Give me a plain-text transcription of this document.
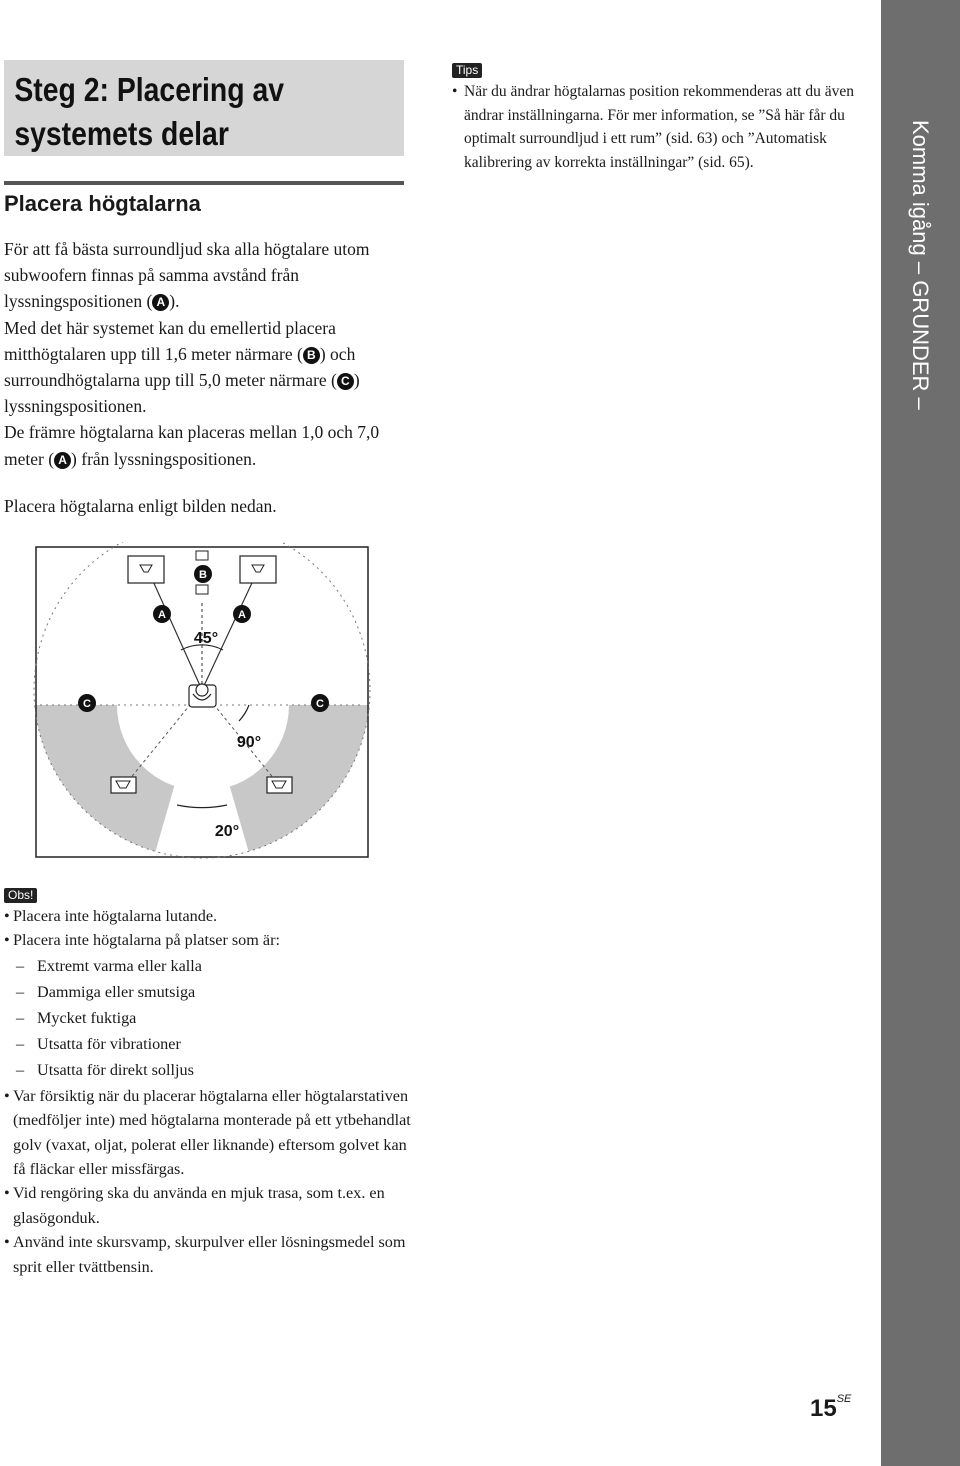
Steg 2: Placering av systemets delar
Placera högtalarna

För att få bästa surroundljud ska alla högtalare utom subwoofern finnas på samma avstånd från lyssningspositionen ( A ).

Med det här systemet kan du emellertid placera mitthögtalaren upp till 1,6 meter närmare ( B ) och surroundhögtalarna upp till 5,0 meter närmare ( C ) lyssningspositionen.

De främre högtalarna kan placeras mellan 1,0 och 7,0 meter ( A ) från lyssningspositionen.

Placera högtalarna enligt bilden nedan.

B
A	A
C	C
45°
90°
20°
Tips
• När du ändrar högtalarnas position rekommenderas att du även ändrar inställningarna. För mer information, se ”Så här får du optimalt surroundljud i ett rum” (sid. 63) och ”Automatisk kalibrering av korrekta inställningar” (sid. 65).
Obs!
• Placera inte högtalarna lutande.
• Placera inte högtalarna på platser som är:
– Extremt varma eller kalla
– Dammiga eller smutsiga
– Mycket fuktiga
– Utsatta för vibrationer
– Utsatta för direkt solljus
• Var försiktig när du placerar högtalarna eller högtalarstativen (medföljer inte) med högtalarna monterade på ett ytbehandlat golv (vaxat, oljat, polerat eller liknande) eftersom golvet kan få fläckar eller missfärgas.
• Vid rengöring ska du använda en mjuk trasa, som t.ex. en glasögonduk.
• Använd inte skursvamp, skurpulver eller lösningsmedel som sprit eller tvättbensin.
Komma igång – GRUNDER –
$15^{SE}$
